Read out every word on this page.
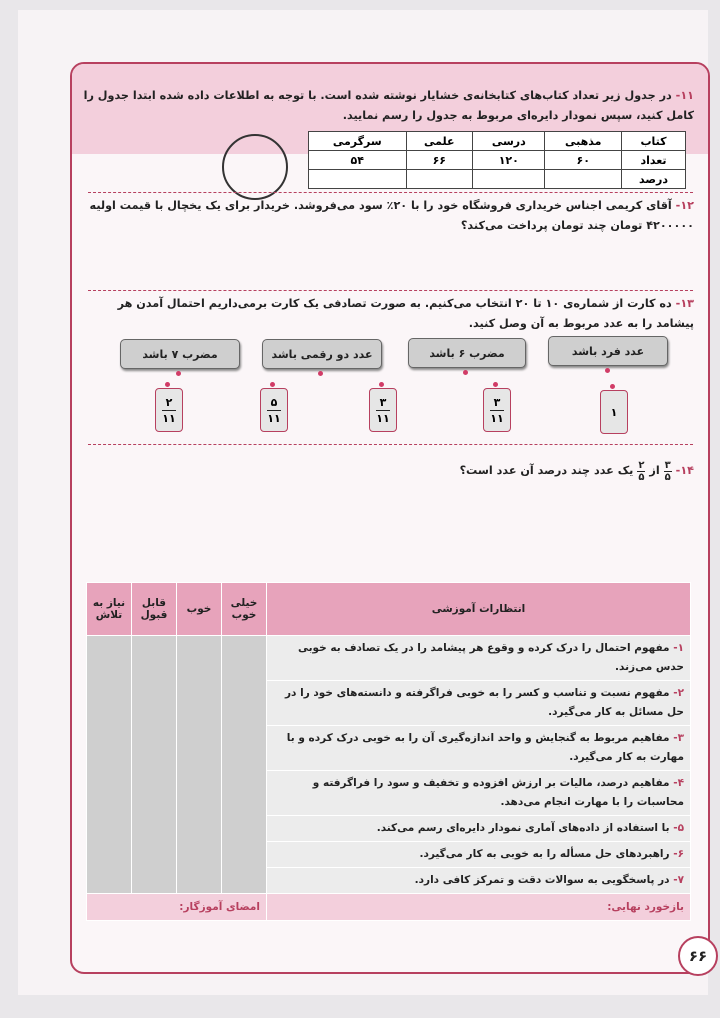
۱۱- در جدول زیر تعداد کتاب‌های کتابخانه‌ی خشایار نوشته شده است. با توجه به اطلاعات داده شده ابتدا جدول را کامل کنید، سپس نمودار دایره‌ای مربوط به جدول را رسم نمایید.
کتاب	مذهبی	درسی	علمی	سرگرمی
تعداد	۶۰	۱۲۰	۶۶	۵۴
درصد				
۱۲- آقای کریمی اجناس خریداری فروشگاه خود را با ۲۰٪ سود می‌فروشد. خریدار برای یک یخچال با قیمت اولیه ۴۲۰۰۰۰۰ تومان چند تومان پرداخت می‌کند؟
۱۳- ده کارت از شماره‌ی ۱۰ تا ۲۰ انتخاب می‌کنیم. به صورت تصادفی یک کارت برمی‌داریم احتمال آمدن هر پیشامد را به عدد مربوط به آن وصل کنید.
عدد فرد باشد
مضرب ۶ باشد
عدد دو رقمی باشد
مضرب ۷ باشد
۱
۳
۱۱
۳
۱۱
۵
۱۱
۲
۱۱
۱۴-
$\frac{۳}{۵}$
از
$\frac{۲}{۵}$
یک عدد چند درصد آن عدد است؟
انتظارات آموزشی	خیلی خوب	خوب	قابل قبول	نیاز به تلاش
۱- مفهوم احتمال را درک کرده و وقوع هر پیشامد را در یک تصادف به خوبی حدس می‌زند.				
۲- مفهوم نسبت و تناسب و کسر را به خوبی فراگرفته و دانسته‌های خود را در حل مسائل به کار می‌گیرد.				
۳- مفاهیم مربوط به گنجایش و واحد اندازه‌گیری آن را به خوبی درک کرده و با مهارت به کار می‌گیرد.				
۴- مفاهیم درصد، مالیات بر ارزش افزوده و تخفیف و سود را فراگرفته و محاسبات را با مهارت انجام می‌دهد.				
۵- با استفاده از داده‌های آماری نمودار دایره‌ای رسم می‌کند.				
۶- راهبردهای حل مسأله را به خوبی به کار می‌گیرد.				
۷- در پاسخگویی به سوالات دقت و تمرکز کافی دارد.				
بازخورد نهایی:	امضای آموزگار:			
۶۶
